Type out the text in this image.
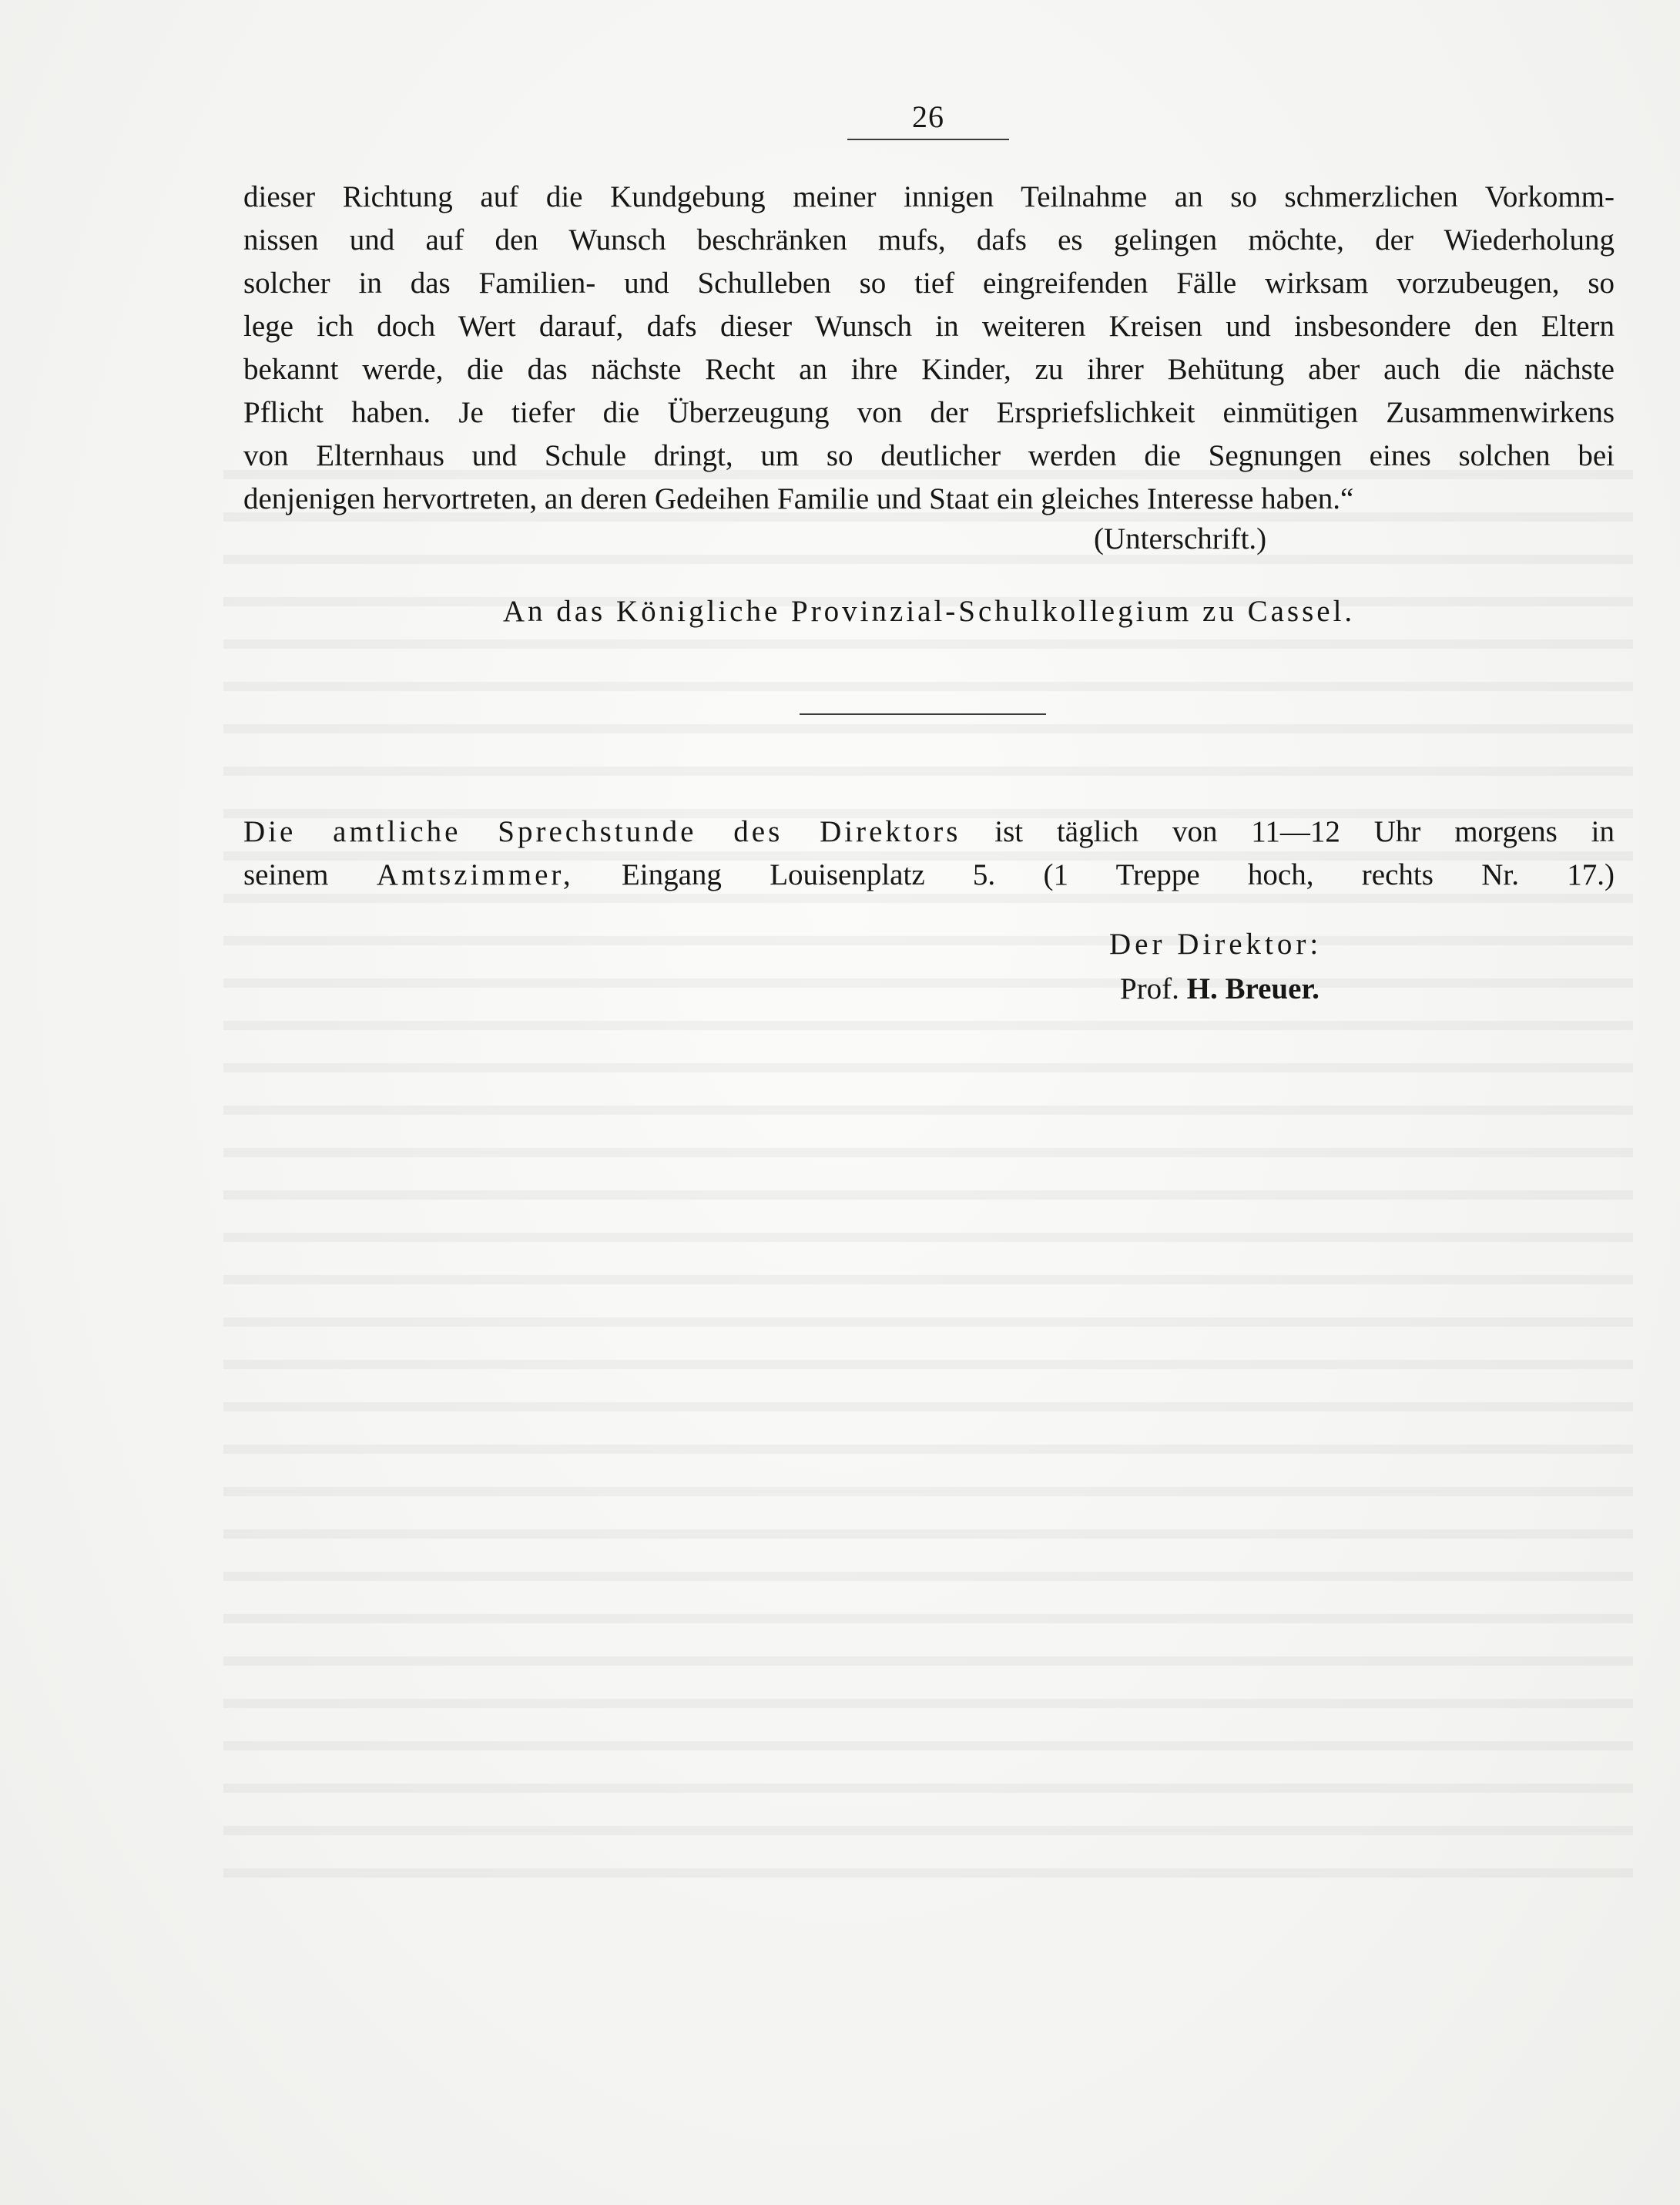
26
dieser Richtung auf die Kundgebung meiner innigen Teilnahme an so schmerzlichen Vorkomm-
nissen und auf den Wunsch beschränken mufs, dafs es gelingen möchte, der Wiederholung
solcher in das Familien- und Schulleben so tief eingreifenden Fälle wirksam vorzubeugen, so
lege ich doch Wert darauf, dafs dieser Wunsch in weiteren Kreisen und insbesondere den Eltern
bekannt werde, die das nächste Recht an ihre Kinder, zu ihrer Behütung aber auch die nächste
Pflicht haben. Je tiefer die Überzeugung von der Erspriefslichkeit einmütigen Zusammenwirkens
von Elternhaus und Schule dringt, um so deutlicher werden die Segnungen eines solchen bei
denjenigen hervortreten, an deren Gedeihen Familie und Staat ein gleiches Interesse haben.“
(Unterschrift.)
An das Königliche Provinzial-Schulkollegium zu Cassel.
Die amtliche Sprechstunde des Direktors ist täglich von 11—12 Uhr morgens in
seinem Amtszimmer, Eingang Louisenplatz 5. (1 Treppe hoch, rechts Nr. 17.)
Der Direktor:
Prof. H. Breuer.
